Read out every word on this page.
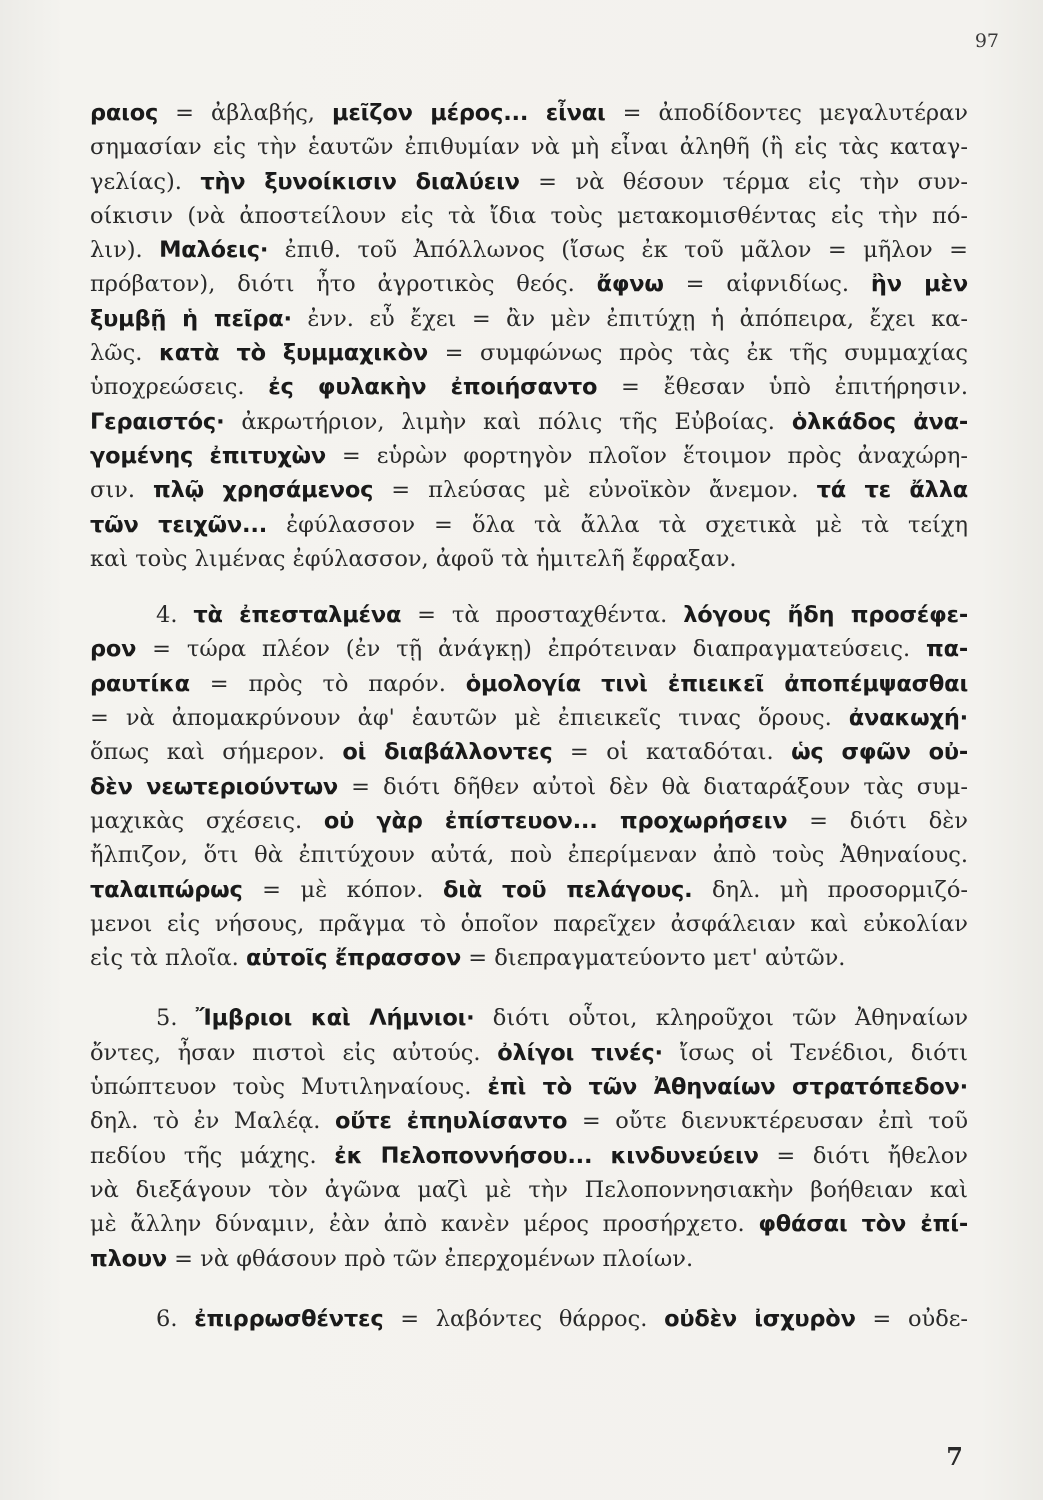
97

ραιος = ἀβλαβής, μεῖζον μέρος... εἶναι = ἀποδίδοντες μεγαλυτέραν

σημασίαν εἰς τὴν ἑαυτῶν ἐπιθυμίαν νὰ μὴ εἶναι ἀληθῆ (ἢ εἰς τὰς καταγ-

γελίας). τὴν ξυνοίκισιν διαλύειν = νὰ θέσουν τέρμα εἰς τὴν συν-

οίκισιν (νὰ ἀποστείλουν εἰς τὰ ἴδια τοὺς μετακομισθέντας εἰς τὴν πό-

λιν). Μαλόεις· ἐπιθ. τοῦ Ἀπόλλωνος (ἴσως ἐκ τοῦ μᾶλον = μῆλον =

πρόβατον), διότι ἦτο ἀγροτικὸς θεός. ἄφνω = αἰφνιδίως. ἢν μὲν

ξυμβῇ ἡ πεῖρα· ἐνν. εὖ ἔχει = ἂν μὲν ἐπιτύχῃ ἡ ἀπόπειρα, ἔχει κα-

λῶς. κατὰ τὸ ξυμμαχικὸν = συμφώνως πρὸς τὰς ἐκ τῆς συμμαχίας

ὑποχρεώσεις. ἐς φυλακὴν ἐποιήσαντο = ἔθεσαν ὑπὸ ἐπιτήρησιν.

Γεραιστός· ἀκρωτήριον, λιμὴν καὶ πόλις τῆς Εὐβοίας. ὁλκάδος ἀνα-

γομένης ἐπιτυχὼν = εὑρὼν φορτηγὸν πλοῖον ἕτοιμον πρὸς ἀναχώρη-

σιν. πλῷ χρησάμενος = πλεύσας μὲ εὐνοϊκὸν ἄνεμον. τά τε ἄλλα

τῶν τειχῶν... ἐφύλασσον = ὅλα τὰ ἄλλα τὰ σχετικὰ μὲ τὰ τείχη

καὶ τοὺς λιμένας ἐφύλασσον, ἀφοῦ τὰ ἡμιτελῆ ἔφραξαν.

4. τὰ ἐπεσταλμένα = τὰ προσταχθέντα. λόγους ἤδη προσέφε-

ρον = τώρα πλέον (ἐν τῇ ἀνάγκῃ) ἐπρότειναν διαπραγματεύσεις. πα-

ραυτίκα = πρὸς τὸ παρόν. ὁμολογία τινὶ ἐπιεικεῖ ἀποπέμψασθαι

= νὰ ἀπομακρύνουν ἀφ' ἑαυτῶν μὲ ἐπιεικεῖς τινας ὅρους. ἀνακωχή·

ὅπως καὶ σήμερον. οἱ διαβάλλοντες = οἱ καταδόται. ὡς σφῶν οὐ-

δὲν νεωτεριούντων = διότι δῆθεν αὐτοὶ δὲν θὰ διαταράξουν τὰς συμ-

μαχικὰς σχέσεις. οὐ γὰρ ἐπίστευον... προχωρήσειν = διότι δὲν

ἤλπιζον, ὅτι θὰ ἐπιτύχουν αὐτά, ποὺ ἐπερίμεναν ἀπὸ τοὺς Ἀθηναίους.

ταλαιπώρως = μὲ κόπον. διὰ τοῦ πελάγους. δηλ. μὴ προσορμιζό-

μενοι εἰς νήσους, πρᾶγμα τὸ ὁποῖον παρεῖχεν ἀσφάλειαν καὶ εὐκολίαν

εἰς τὰ πλοῖα. αὐτοῖς ἔπρασσον = διεπραγματεύοντο μετ' αὐτῶν.

5. Ἴμβριοι καὶ Λήμνιοι· διότι οὗτοι, κληροῦχοι τῶν Ἀθηναίων

ὄντες, ἦσαν πιστοὶ εἰς αὐτούς. ὀλίγοι τινές· ἴσως οἱ Τενέδιοι, διότι

ὑπώπτευον τοὺς Μυτιληναίους. ἐπὶ τὸ τῶν Ἀθηναίων στρατόπεδον·

δηλ. τὸ ἐν Μαλέᾳ. οὔτε ἐπηυλίσαντο = οὔτε διενυκτέρευσαν ἐπὶ τοῦ

πεδίου τῆς μάχης. ἐκ Πελοποννήσου... κινδυνεύειν = διότι ἤθελον

νὰ διεξάγουν τὸν ἀγῶνα μαζὶ μὲ τὴν Πελοποννησιακὴν βοήθειαν καὶ

μὲ ἄλλην δύναμιν, ἐὰν ἀπὸ κανὲν μέρος προσήρχετο. φθάσαι τὸν ἐπί-

πλουν = νὰ φθάσουν πρὸ τῶν ἐπερχομένων πλοίων.

6. ἐπιρρωσθέντες = λαβόντες θάρρος. οὐδὲν ἰσχυρὸν = οὐδε-

7
